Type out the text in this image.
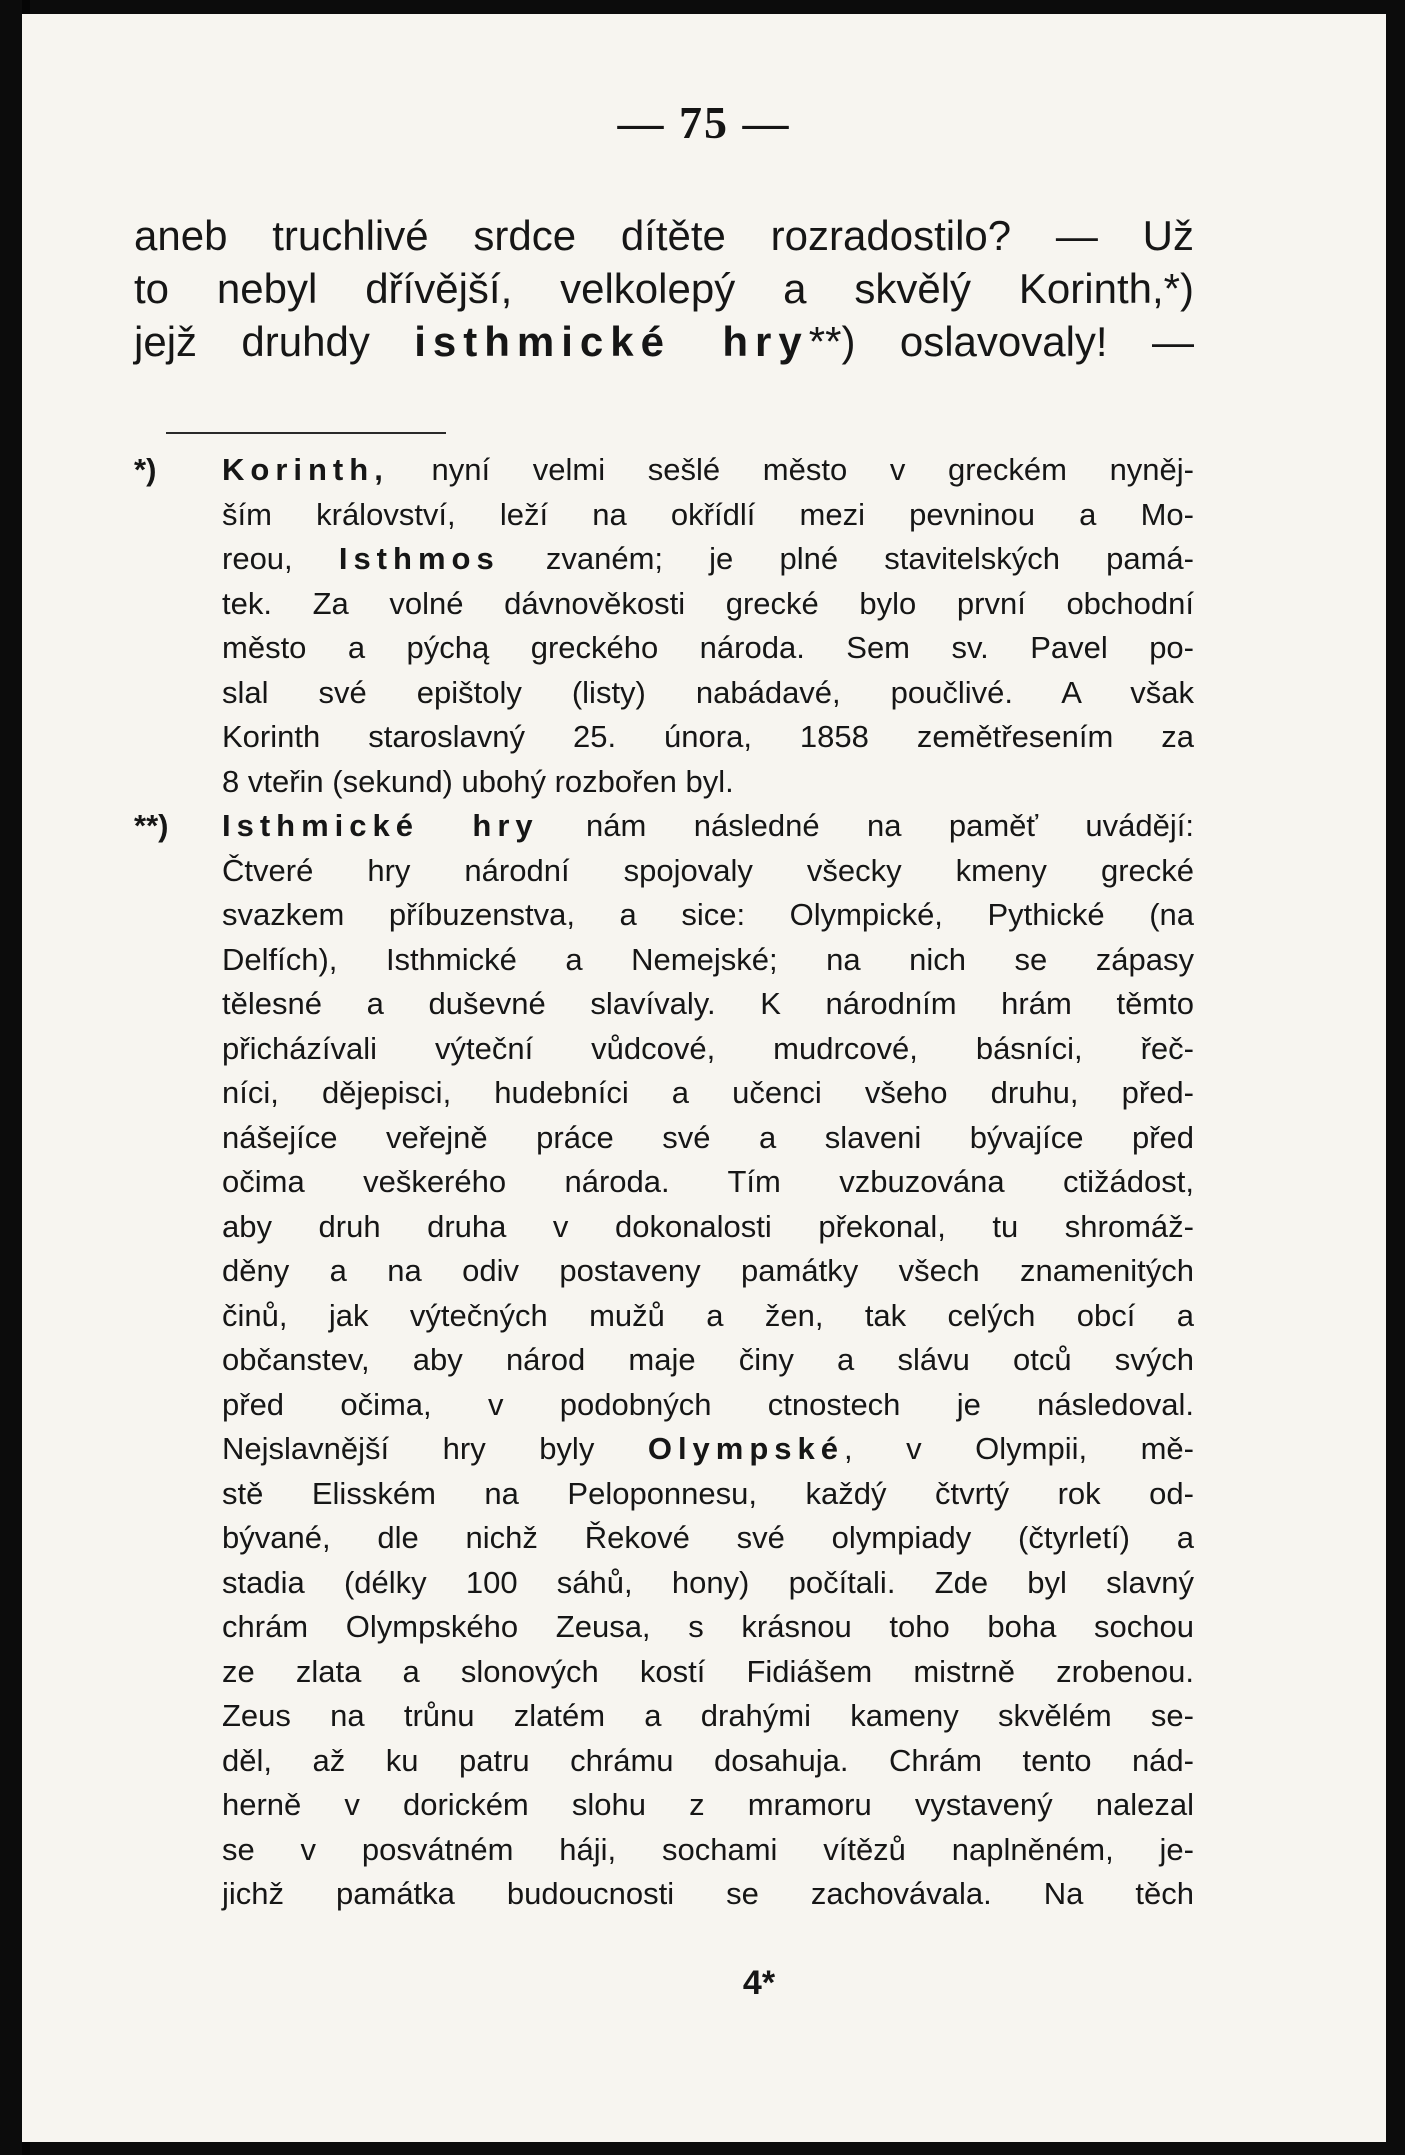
— 75 —
aneb truchlivé srdce dítěte rozradostilo? — Už
to nebyl dřívější, velkolepý a skvělý Korinth,*)
jejž druhdy isthmické hry**) oslavovaly! —
*)	Korinth, nyní velmi sešlé město v greckém nyněj-
ším království, leží na okřídlí mezi pevninou a Mo-
reou, Isthmos zvaném; je plné stavitelských pamá-
tek. Za volné dávnověkosti grecké bylo první obchodní
město a pýchą greckého národa. Sem sv. Pavel po-
slal své epištoly (listy) nabádavé, poučlivé. A však
Korinth staroslavný 25. února, 1858 zemětřesením za
8 vteřin (sekund) ubohý rozbořen byl.
**)	Isthmické hry nám následné na paměť uvádějí:
Čtveré hry národní spojovaly všecky kmeny grecké
svazkem příbuzenstva, a sice: Olympické, Pythické (na
Delfích), Isthmické a Nemejské; na nich se zápasy
tělesné a duševné slavívaly. K národním hrám těmto
přicházívali výteční vůdcové, mudrcové, básníci, řeč-
níci, dějepisci, hudebníci a učenci všeho druhu, před-
nášejíce veřejně práce své a slaveni bývajíce před
očima veškerého národa. Tím vzbuzována ctižádost,
aby druh druha v dokonalosti překonal, tu shromáž-
děny a na odiv postaveny památky všech znamenitých
činů, jak výtečných mužů a žen, tak celých obcí a
občanstev, aby národ maje činy a slávu otců svých
před očima, v podobných ctnostech je následoval.
Nejslavnější hry byly Olympské, v Olympii, mě-
stě Elisském na Peloponnesu, každý čtvrtý rok od-
bývané, dle nichž Řekové své olympiady (čtyrletí) a
stadia (délky 100 sáhů, hony) počítali. Zde byl slavný
chrám Olympského Zeusa, s krásnou toho boha sochou
ze zlata a slonových kostí Fidiášem mistrně zrobenou.
Zeus na trůnu zlatém a drahými kameny skvělém se-
děl, až ku patru chrámu dosahuja. Chrám tento nád-
herně v dorickém slohu z mramoru vystavený nalezal
se v posvátném háji, sochami vítězů naplněném, je-
jichž památka budoucnosti se zachovávala. Na těch
4*
